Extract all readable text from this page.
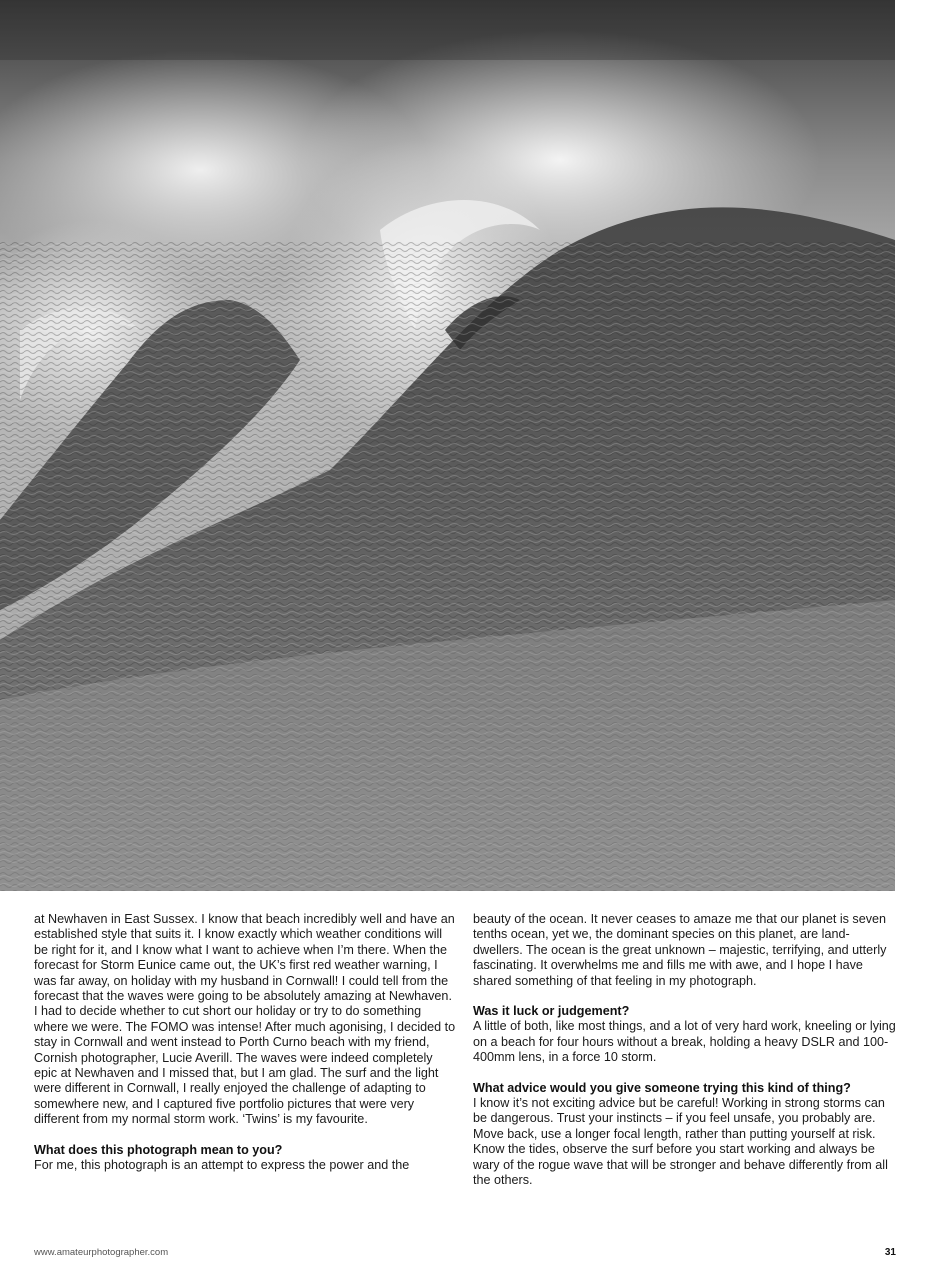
at Newhaven in East Sussex. I know that beach incredibly well and have an established style that suits it. I know exactly which weather conditions will be right for it, and I know what I want to achieve when I’m there. When the forecast for Storm Eunice came out, the UK’s first red weather warning, I was far away, on holiday with my husband in Cornwall! I could tell from the forecast that the waves were going to be absolutely amazing at Newhaven. I had to decide whether to cut short our holiday or try to do something where we were. The FOMO was intense! After much agonising, I decided to stay in Cornwall and went instead to Porth Curno beach with my friend, Cornish photographer, Lucie Averill. The waves were indeed completely epic at Newhaven and I missed that, but I am glad. The surf and the light were different in Cornwall, I really enjoyed the challenge of adapting to somewhere new, and I captured five portfolio pictures that were very different from my normal storm work. ‘Twins’ is my favourite.

What does this photograph mean to you?

For me, this photograph is an attempt to express the power and the

beauty of the ocean. It never ceases to amaze me that our planet is seven tenths ocean, yet we, the dominant species on this planet, are land-dwellers. The ocean is the great unknown – majestic, terrifying, and utterly fascinating. It overwhelms me and fills me with awe, and I hope I have shared something of that feeling in my photograph.

Was it luck or judgement?

A little of both, like most things, and a lot of very hard work, kneeling or lying on a beach for four hours without a break, holding a heavy DSLR and 100-400mm lens, in a force 10 storm.

What advice would you give someone trying this kind of thing?

I know it’s not exciting advice but be careful! Working in strong storms can be dangerous. Trust your instincts – if you feel unsafe, you probably are. Move back, use a longer focal length, rather than putting yourself at risk. Know the tides, observe the surf before you start working and always be wary of the rogue wave that will be stronger and behave differently from all the others.

www.amateurphotographer.com	31
